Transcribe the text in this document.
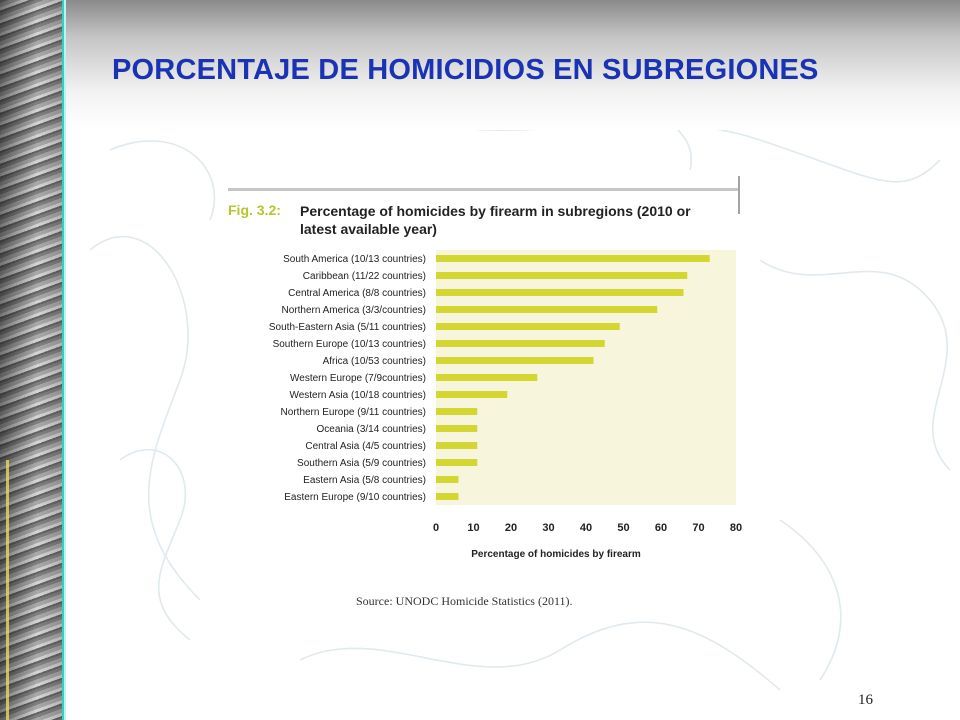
PORCENTAJE DE HOMICIDIOS EN SUBREGIONES
Fig. 3.2: Percentage of homicides by firearm in subregions (2010 or latest available year)
South America (10/13 countries)
Caribbean (11/22 countries)
Central America (8/8 countries)
Northern America (3/3/countries)
South-Eastern Asia (5/11 countries)
Southern Europe (10/13 countries)
Africa (10/53 countries)
Western Europe (7/9countries)
Western Asia (10/18 countries)
Northern Europe (9/11 countries)
Oceania (3/14 countries)
Central Asia (4/5 countries)
Southern Asia (5/9 countries)
Eastern Asia (5/8 countries)
Eastern Europe (9/10 countries)
0	10 20 30 40 50 60 70 80
Percentage of homicides by firearm
Source: UNODC Homicide Statistics (2011).
16
